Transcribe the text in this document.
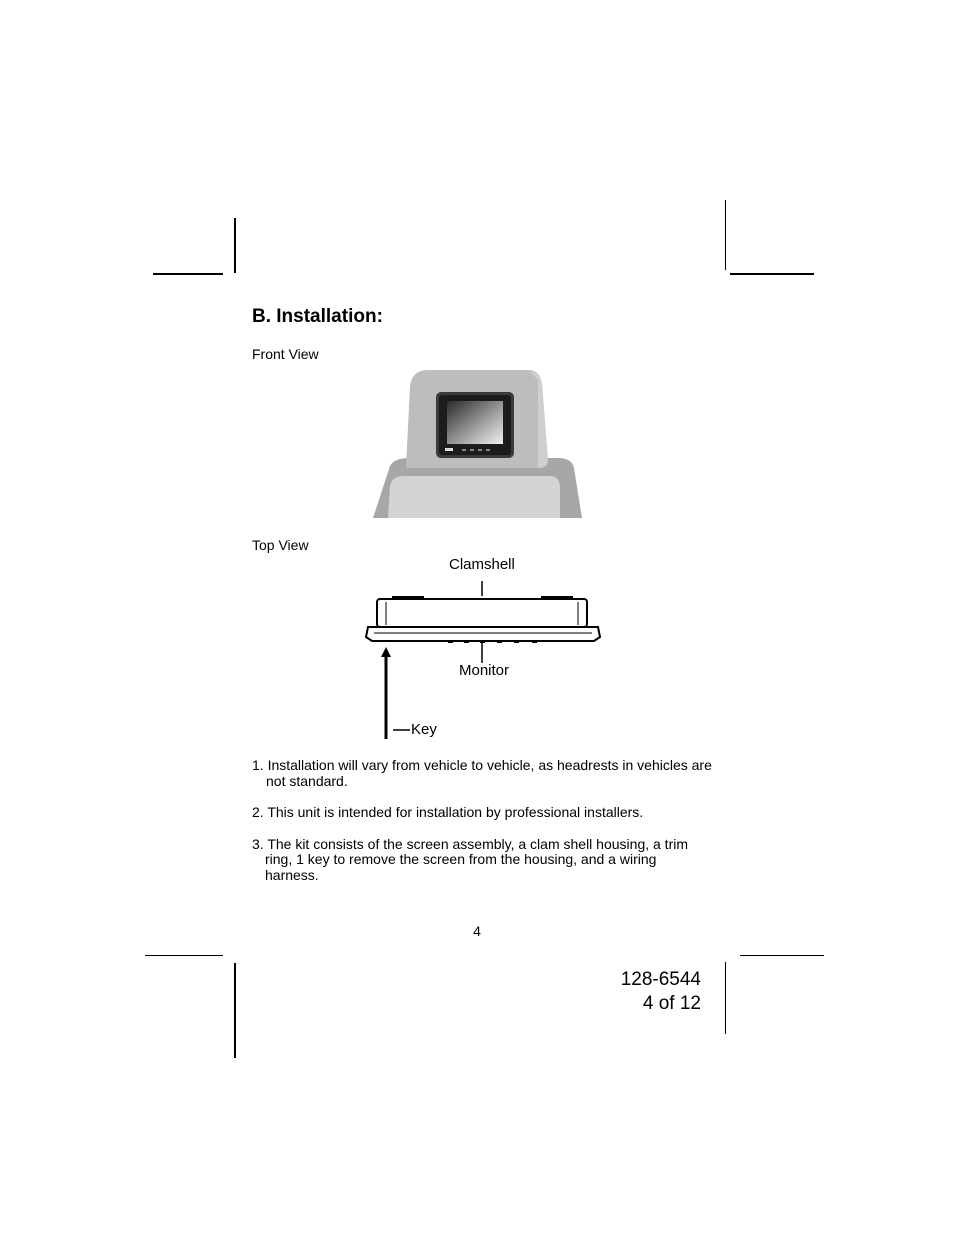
B. Installation:
Front View
Top View
Clamshell
Monitor
Key
1. Installation will vary from vehicle to vehicle, as headrests in vehicles are not standard.
2. This unit is intended for installation by professional installers.
3. The kit consists of the screen assembly, a clam shell housing, a trim ring, 1 key to remove the screen from the housing, and a wiring harness.
4
128-6544
4 of 12
